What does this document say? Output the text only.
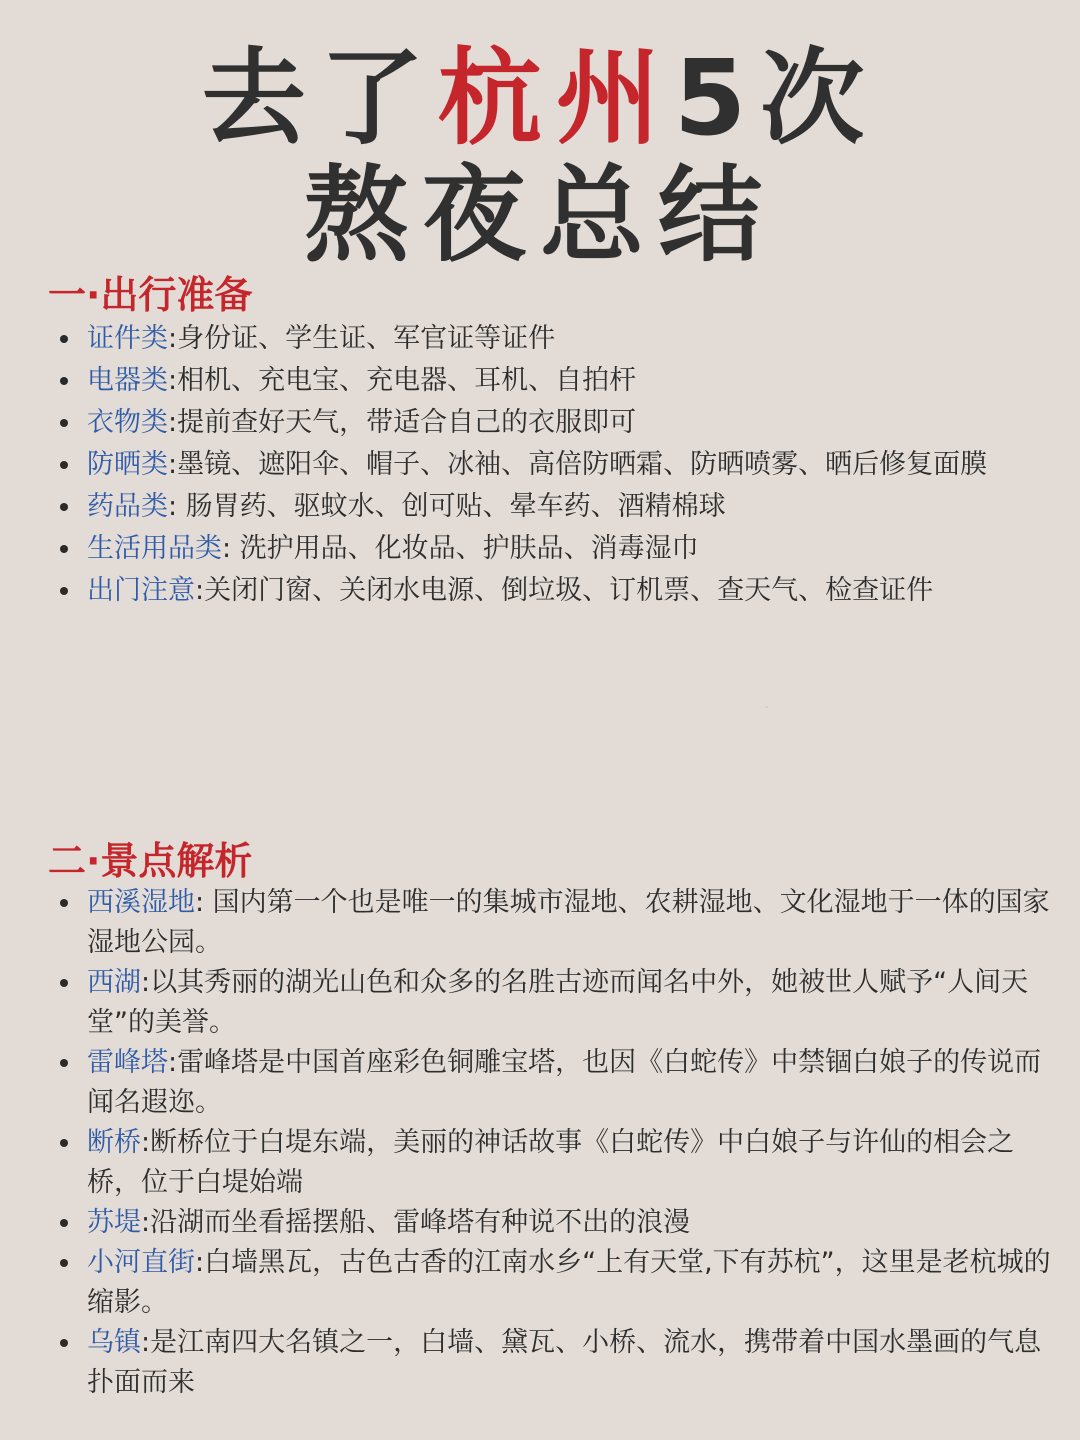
去了杭州5次
熬夜总结
一·出行准备
证件类:身份证、学生证、军官证等证件
电器类:相机、充电宝、充电器、耳机、自拍杆
衣物类:提前查好天气，带适合自己的衣服即可
防晒类:墨镜、遮阳伞、帽子、冰袖、高倍防晒霜、防晒喷雾、晒后修复面膜
药品类: 肠胃药、驱蚊水、创可贴、晕车药、酒精棉球
生活用品类: 洗护用品、化妆品、护肤品、消毒湿巾
出门注意:关闭门窗、关闭水电源、倒垃圾、订机票、查天气、检查证件
二·景点解析
西溪湿地: 国内第一个也是唯一的集城市湿地、农耕湿地、文化湿地于一体的国家湿地公园。
西湖:以其秀丽的湖光山色和众多的名胜古迹而闻名中外，她被世人赋予“人间天堂”的美誉。
雷峰塔:雷峰塔是中国首座彩色铜雕宝塔，也因《白蛇传》中禁锢白娘子的传说而闻名遐迩。
断桥:断桥位于白堤东端，美丽的神话故事《白蛇传》中白娘子与许仙的相会之桥，位于白堤始端
苏堤:沿湖而坐看摇摆船、雷峰塔有种说不出的浪漫
小河直街:白墙黑瓦，古色古香的江南水乡“上有天堂,下有苏杭”，这里是老杭城的缩影。
乌镇:是江南四大名镇之一，白墙、黛瓦、小桥、流水，携带着中国水墨画的气息扑面而来
